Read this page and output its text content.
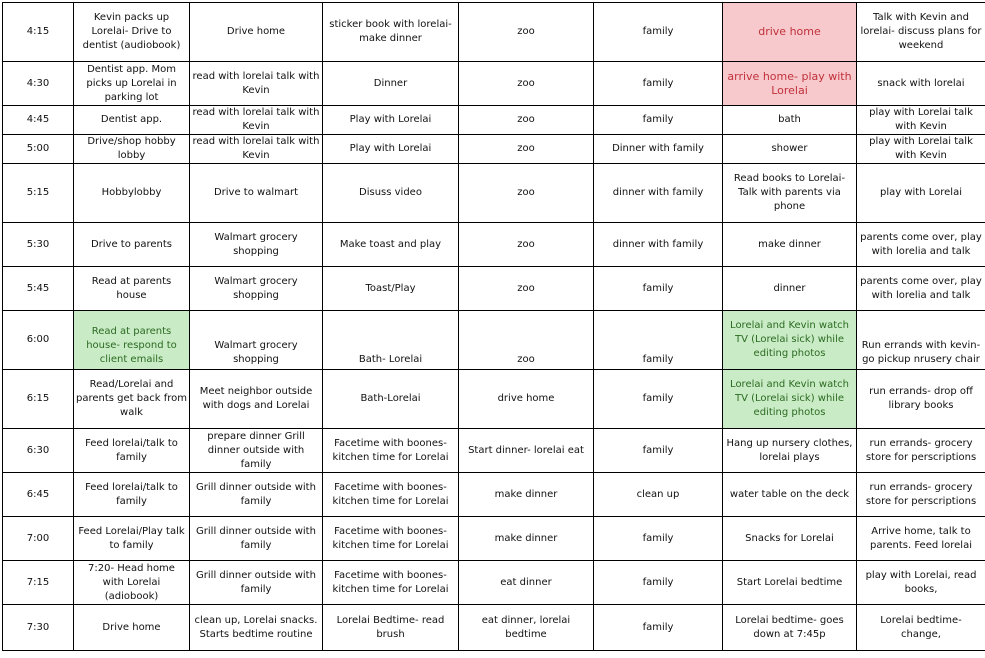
4:15	Kevin packs up Lorelai- Drive to dentist (audiobook)	Drive home	sticker book with lorelai- make dinner	zoo	family	drive home	Talk with Kevin and lorelai- discuss plans for weekend
4:30	Dentist app. Mom picks up Lorelai in parking lot	read with lorelai talk with Kevin	Dinner	zoo	family	arrive home- play with Lorelai	snack with lorelai
4:45	Dentist app.	read with lorelai talk with Kevin	Play with Lorelai	zoo	family	bath	play with Lorelai talk with Kevin
5:00	Drive/shop hobby lobby	read with lorelai talk with Kevin	Play with Lorelai	zoo	Dinner with family	shower	play with Lorelai talk with Kevin
5:15	Hobbylobby	Drive to walmart	Disuss video	zoo	dinner with family	Read books to Lorelai- Talk with parents via phone	play with Lorelai
5:30	Drive to parents	Walmart grocery shopping	Make toast and play	zoo	dinner with family	make dinner	parents come over, play with lorelia and talk
5:45	Read at parents house	Walmart grocery shopping	Toast/Play	zoo	family	dinner	parents come over, play with lorelia and talk
6:00	Read at parents house- respond to client emails	Walmart grocery shopping	Bath- Lorelai	zoo	family	Lorelai and Kevin watch TV (Lorelai sick) while editing photos	Run errands with kevin- go pickup nrusery chair
6:15	Read/Lorelai and parents get back from walk	Meet neighbor outside with dogs and Lorelai	Bath-Lorelai	drive home	family	Lorelai and Kevin watch TV (Lorelai sick) while editing photos	run errands- drop off library books
6:30	Feed lorelai/talk to family	prepare dinner Grill dinner outside with family	Facetime with boones- kitchen time for Lorelai	Start dinner- lorelai eat	family	Hang up nursery clothes, lorelai plays	run errands- grocery store for perscriptions
6:45	Feed lorelai/talk to family	Grill dinner outside with family	Facetime with boones- kitchen time for Lorelai	make dinner	clean up	water table on the deck	run errands- grocery store for perscriptions
7:00	Feed Lorelai/Play talk to family	Grill dinner outside with family	Facetime with boones- kitchen time for Lorelai	make dinner	family	Snacks for Lorelai	Arrive home, talk to parents. Feed lorelai
7:15	7:20- Head home with Lorelai (adiobook)	Grill dinner outside with family	Facetime with boones- kitchen time for Lorelai	eat dinner	family	Start Lorelai bedtime	play with Lorelai, read books,
7:30	Drive home	clean up, Lorelai snacks. Starts bedtime routine	Lorelai Bedtime- read brush	eat dinner, lorelai bedtime	family	Lorelai bedtime- goes down at 7:45p	Lorelai bedtime- change,
